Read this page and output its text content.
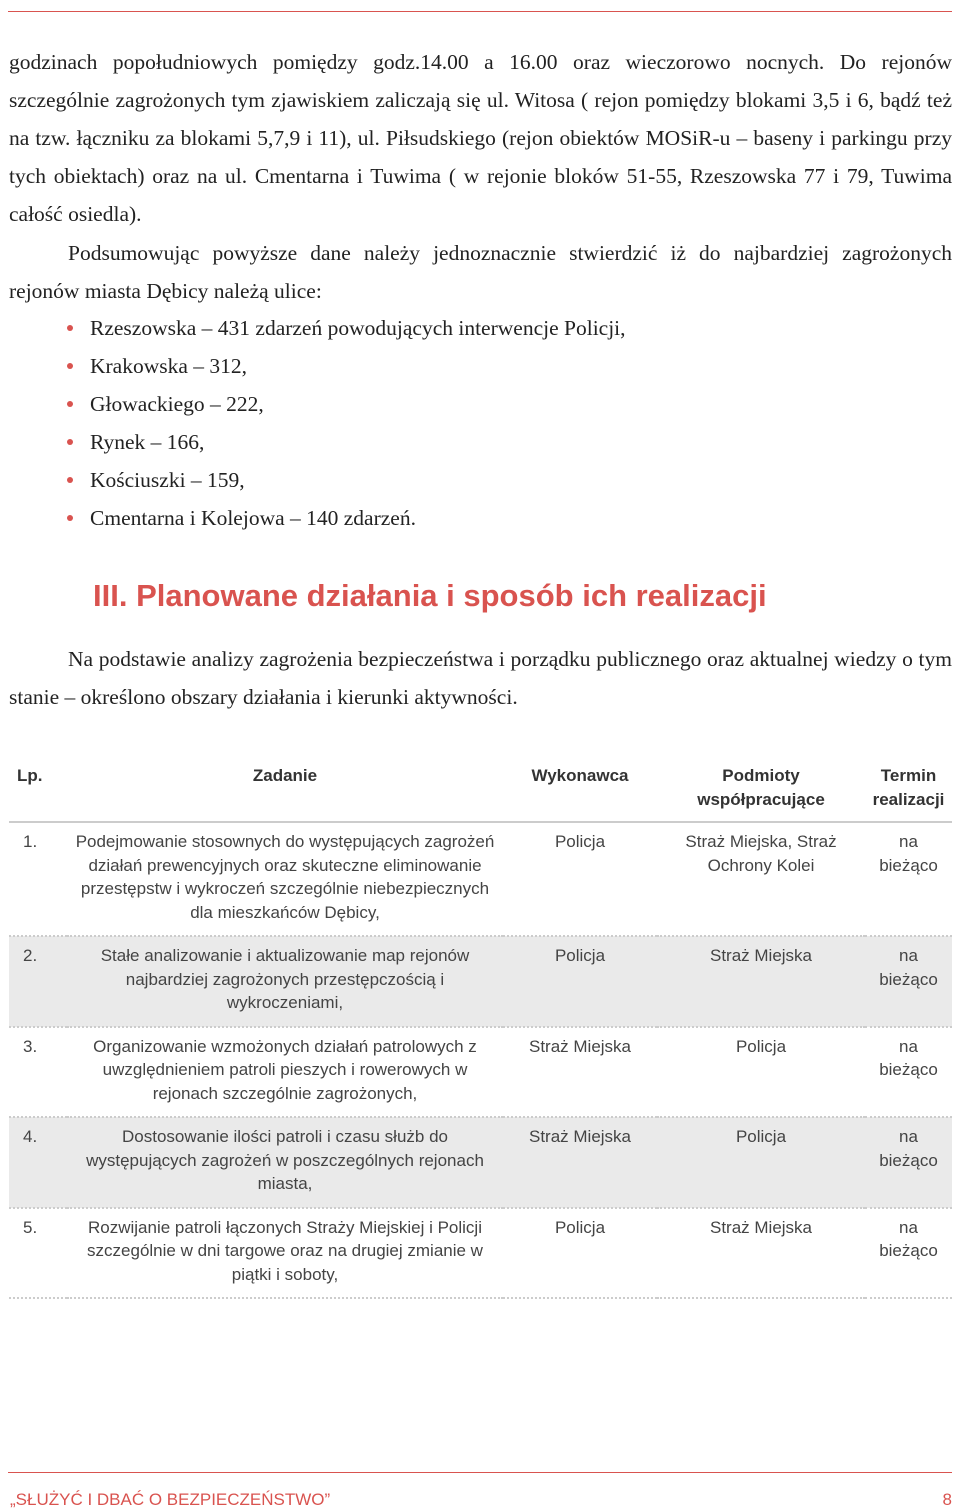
godzinach popołudniowych pomiędzy godz.14.00 a 16.00 oraz wieczorowo nocnych. Do rejonów szczególnie zagrożonych tym zjawiskiem zaliczają się ul. Witosa ( rejon pomiędzy blokami 3,5 i 6, bądź też na tzw. łączniku za blokami 5,7,9 i 11), ul. Piłsudskiego (rejon obiektów MOSiR-u – baseny i parkingu przy tych obiektach) oraz na ul. Cmentarna i Tuwima ( w rejonie bloków 51-55, Rzeszowska 77 i 79, Tuwima całość osiedla).

Podsumowując powyższe dane należy jednoznacznie stwierdzić iż do najbardziej zagrożonych rejonów miasta Dębicy należą ulice:

Rzeszowska – 431 zdarzeń powodujących interwencje Policji,
Krakowska – 312,
Głowackiego – 222,
Rynek – 166,
Kościuszki – 159,
Cmentarna i Kolejowa – 140 zdarzeń.
III. Planowane działania i sposób ich realizacji

Na podstawie analizy zagrożenia bezpieczeństwa i porządku publicznego oraz aktualnej wiedzy o tym stanie – określono obszary działania i kierunki aktywności.

Lp.	Zadanie	Wykonawca	Podmioty współpracujące	Termin realizacji
1.	Podejmowanie stosownych do występujących zagrożeń działań prewencyjnych oraz skuteczne eliminowanie przestępstw i wykroczeń szczególnie niebezpiecznych dla mieszkańców Dębicy,	Policja	Straż Miejska, Straż Ochrony Kolei	na bieżąco
2.	Stałe analizowanie i aktualizowanie map rejonów najbardziej zagrożonych przestępczością i wykroczeniami,	Policja	Straż Miejska	na bieżąco
3.	Organizowanie wzmożonych działań patrolowych z uwzględnieniem patroli pieszych i rowerowych w rejonach szczególnie zagrożonych,	Straż Miejska	Policja	na bieżąco
4.	Dostosowanie ilości patroli i czasu służb do występujących zagrożeń w poszczególnych rejonach miasta,	Straż Miejska	Policja	na bieżąco
5.	Rozwijanie patroli łączonych Straży Miejskiej i Policji szczególnie w dni targowe oraz na drugiej zmianie w piątki i soboty,	Policja	Straż Miejska	na bieżąco
„SŁUŻYĆ I DBAĆ O BEZPIECZEŃSTWO”	8
